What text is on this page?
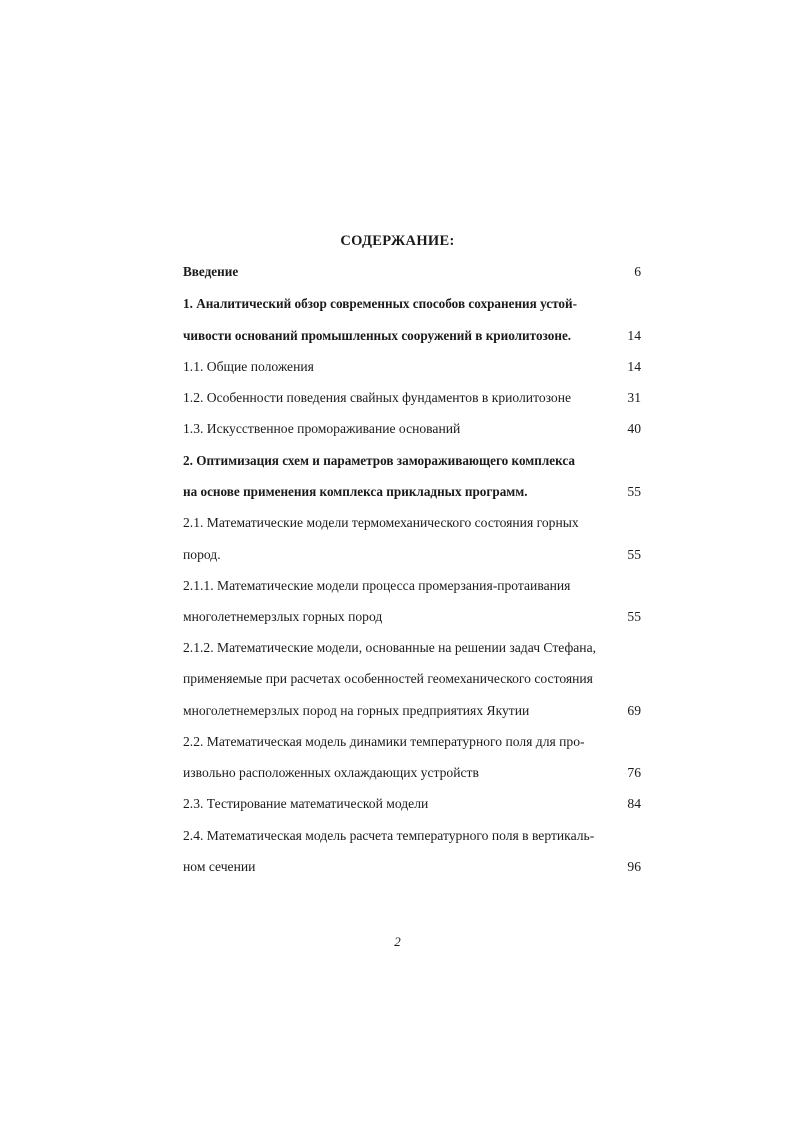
СОДЕРЖАНИЕ:
Введение	6
1. Аналитический обзор современных способов сохранения устой-
чивости оснований промышленных сооружений в криолитозоне.	14
1.1. Общие положения	14
1.2. Особенности поведения свайных фундаментов в криолитозоне	31
1.3. Искусственное промораживание оснований	40
2. Оптимизация схем и параметров замораживающего комплекса
на основе применения комплекса прикладных программ.	55
2.1. Математические модели термомеханического состояния горных
пород.	55
2.1.1. Математические модели процесса промерзания-протаивания
многолетнемерзлых горных пород	55
2.1.2. Математические модели, основанные на решении задач Стефана,
применяемые при расчетах особенностей геомеханического состояния
многолетнемерзлых пород на горных предприятиях Якутии	69
2.2. Математическая модель динамики температурного поля для про-
извольно расположенных охлаждающих устройств	76
2.3. Тестирование математической модели	84
2.4. Математическая модель расчета температурного поля в вертикаль-
ном сечении	96
2
